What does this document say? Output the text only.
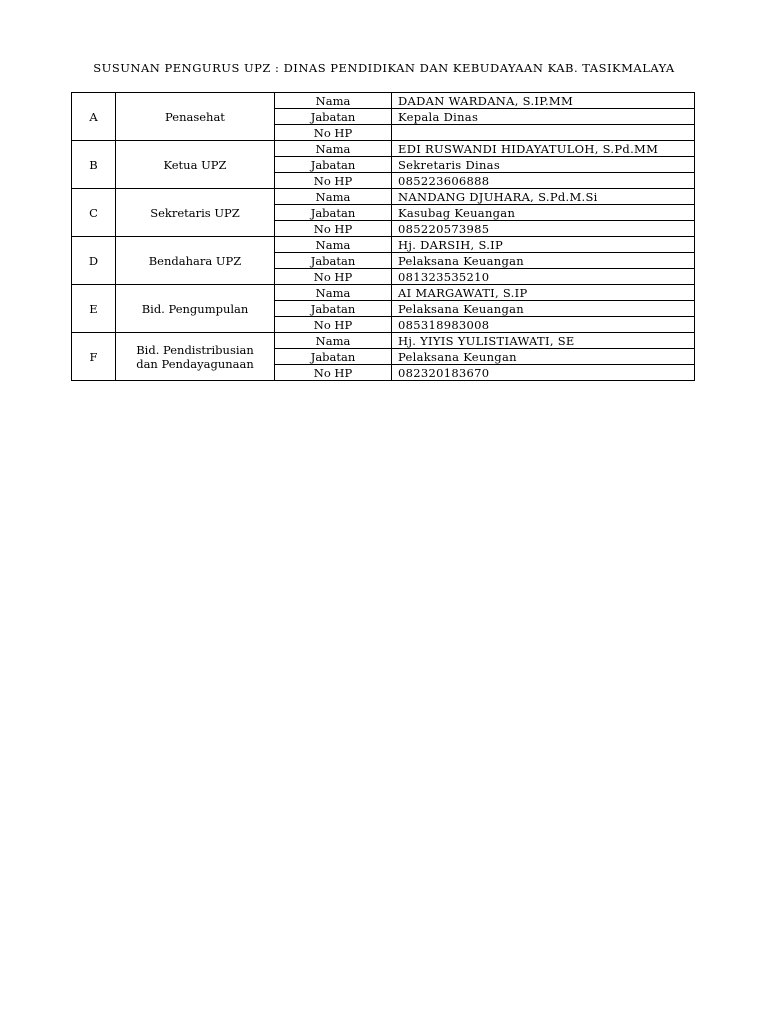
SUSUNAN PENGURUS UPZ : DINAS PENDIDIKAN DAN KEBUDAYAAN KAB. TASIKMALAYA
A	Penasehat	Nama	DADAN WARDANA, S.IP.MM
		Jabatan	Kepala Dinas
		No HP	
B	Ketua UPZ	Nama	EDI RUSWANDI HIDAYATULOH, S.Pd.MM
		Jabatan	Sekretaris Dinas
		No HP	085223606888
C	Sekretaris UPZ	Nama	NANDANG DJUHARA, S.Pd.M.Si
		Jabatan	Kasubag Keuangan
		No HP	085220573985
D	Bendahara UPZ	Nama	Hj. DARSIH, S.IP
		Jabatan	Pelaksana Keuangan
		No HP	081323535210
E	Bid. Pengumpulan	Nama	AI MARGAWATI, S.IP
		Jabatan	Pelaksana Keuangan
		No HP	085318983008
F	Bid. Pendistribusian
dan Pendayagunaan	Nama	Hj. YIYIS YULISTIAWATI, SE
		Jabatan	Pelaksana Keungan
		No HP	082320183670
